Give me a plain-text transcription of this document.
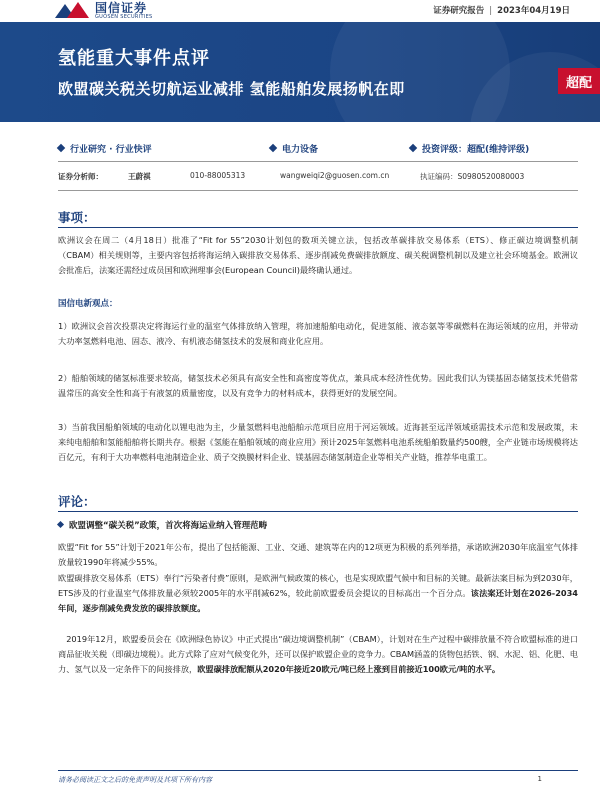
国信证券
GUOSEN SECURITIES
证券研究报告 | 2023年04月19日
氢能重大事件点评
欧盟碳关税关切航运业减排 氢能船舶发展扬帆在即	超配
行业研究 · 行业快评	电力设备	投资评级：超配(维持评级)
证券分析师：	王蔚祺	010-88005313	wangweiqi2@guosen.com.cn	执证编码：S0980520080003
事项：
欧洲议会在周二（4月18日）批准了“Fit for 55”2030计划包的数项关键立法，包括改革碳排放交易体系（ETS）、修正碳边境调整机制（CBAM）相关规则等，主要内容包括将海运纳入碳排放交易体系、逐步削减免费碳排放额度、碳关税调整机制以及建立社会环境基金。欧洲议会批准后，法案还需经过成员国和欧洲理事会(European Council)最终确认通过。
国信电新观点：
1）欧洲议会首次投票决定将海运行业的温室气体排放纳入管理，将加速船舶电动化，促进氢能、液态氨等零碳燃料在海运领域的应用，并带动大功率氢燃料电池、固态、液冷、有机液态储氢技术的发展和商业化应用。
2）船舶领域的储氢标准要求较高，储氢技术必须具有高安全性和高密度等优点，兼具成本经济性优势。因此我们认为镁基固态储氢技术凭借常温常压的高安全性和高于有液氢的质量密度，以及有竞争力的材料成本，获得更好的发展空间。
3）当前我国船舶领域的电动化以锂电池为主，少量氢燃料电池船舶示范项目应用于河运领域。近海甚至远洋领域亟需技术示范和发展政策，未来纯电船舶和氢能船舶将长期共存。根据《氢能在船舶领域的商业应用》预计2025年氢燃料电池系统船舶数量约500艘，全产业链市场规模将达百亿元，有利于大功率燃料电池制造企业、质子交换膜材料企业、镁基固态储氢制造企业等相关产业链，推荐华电重工。
评论：
欧盟调整“碳关税”政策，首次将海运业纳入管理范畴
欧盟“Fit for 55”计划于2021年公布，提出了包括能源、工业、交通、建筑等在内的12项更为积极的系列举措，承诺欧洲2030年底温室气体排放量较1990年将减少55%。
欧盟碳排放交易体系（ETS）奉行“污染者付费”原则，是欧洲气候政策的核心，也是实现欧盟气候中和目标的关键。最新法案目标为到2030年，ETS涉及的行业温室气体排放量必须较2005年的水平削减62%，较此前欧盟委员会提议的目标高出一个百分点。该法案还计划在2026-2034年间，逐步削减免费发放的碳排放额度。
　2019年12月，欧盟委员会在《欧洲绿色协议》中正式提出“碳边境调整机制”（CBAM），计划对在生产过程中碳排放量不符合欧盟标准的进口商品征收关税（即碳边境税）。此方式除了应对气候变化外，还可以保护欧盟企业的竞争力。CBAM涵盖的货物包括铁、钢、水泥、铝、化肥、电力、氢气以及一定条件下的间接排放，欧盟碳排放配额从2020年接近20欧元/吨已经上涨到目前接近100欧元/吨的水平。
请务必阅读正文之后的免责声明及其项下所有内容	1
